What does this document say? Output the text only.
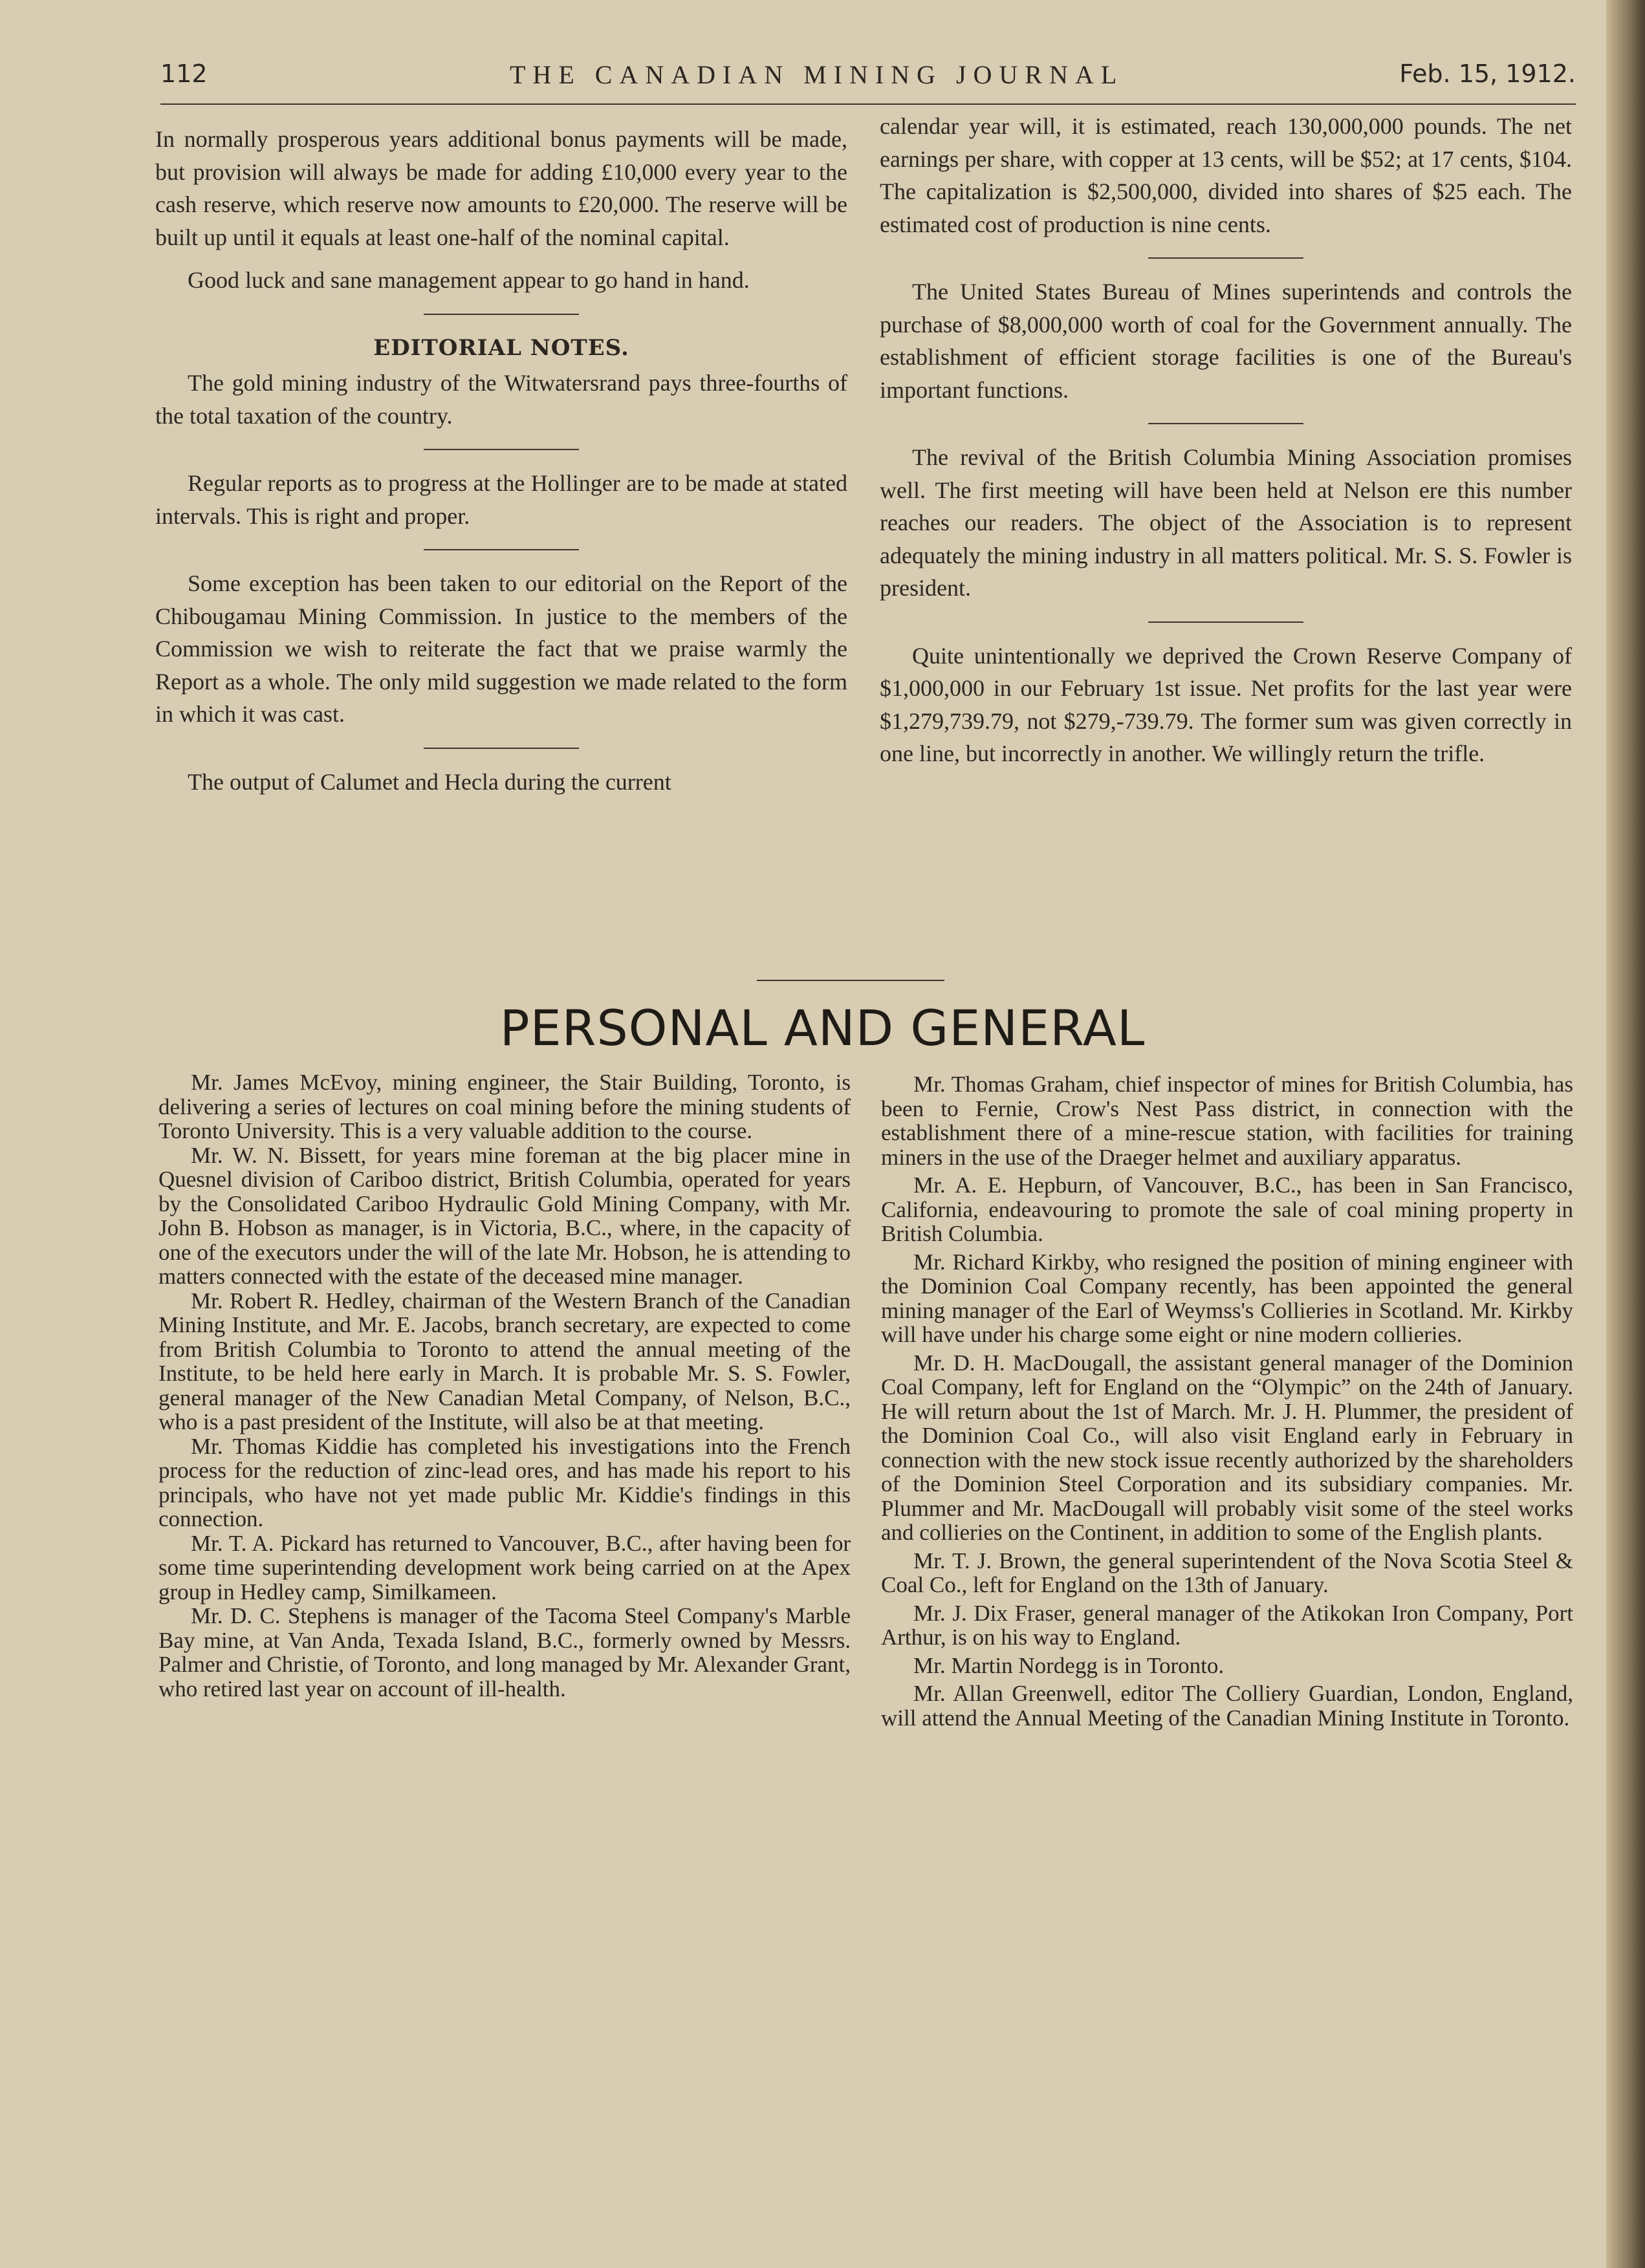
112	THE CANADIAN MINING JOURNAL	Feb. 15, 1912.

In normally prosperous years additional bonus payments will be made, but provision will always be made for adding £10,000 every year to the cash reserve, which reserve now amounts to £20,000. The reserve will be built up until it equals at least one-half of the nominal capital.

Good luck and sane management appear to go hand in hand.

EDITORIAL NOTES.

The gold mining industry of the Witwatersrand pays three-fourths of the total taxation of the country.

Regular reports as to progress at the Hollinger are to be made at stated intervals. This is right and proper.

Some exception has been taken to our editorial on the Report of the Chibougamau Mining Commission. In justice to the members of the Commission we wish to reiterate the fact that we praise warmly the Report as a whole. The only mild suggestion we made related to the form in which it was cast.

The output of Calumet and Hecla during the current

calendar year will, it is estimated, reach 130,000,000 pounds. The net earnings per share, with copper at 13 cents, will be $52; at 17 cents, $104. The capitalization is $2,500,000, divided into shares of $25 each. The estimated cost of production is nine cents.

The United States Bureau of Mines superintends and controls the purchase of $8,000,000 worth of coal for the Government annually. The establishment of efficient storage facilities is one of the Bureau's important functions.

The revival of the British Columbia Mining Association promises well. The first meeting will have been held at Nelson ere this number reaches our readers. The object of the Association is to represent adequately the mining industry in all matters political. Mr. S. S. Fowler is president.

Quite unintentionally we deprived the Crown Reserve Company of $1,000,000 in our February 1st issue. Net profits for the last year were $1,279,739.79, not $279,-739.79. The former sum was given correctly in one line, but incorrectly in another. We willingly return the trifle.

PERSONAL AND GENERAL

Mr. James McEvoy, mining engineer, the Stair Building, Toronto, is delivering a series of lectures on coal mining before the mining students of Toronto University. This is a very valuable addition to the course.

Mr. W. N. Bissett, for years mine foreman at the big placer mine in Quesnel division of Cariboo district, British Columbia, operated for years by the Consolidated Cariboo Hydraulic Gold Mining Company, with Mr. John B. Hobson as manager, is in Victoria, B.C., where, in the capacity of one of the executors under the will of the late Mr. Hobson, he is attending to matters connected with the estate of the deceased mine manager.

Mr. Robert R. Hedley, chairman of the Western Branch of the Canadian Mining Institute, and Mr. E. Jacobs, branch secretary, are expected to come from British Columbia to Toronto to attend the annual meeting of the Institute, to be held here early in March. It is probable Mr. S. S. Fowler, general manager of the New Canadian Metal Company, of Nelson, B.C., who is a past president of the Institute, will also be at that meeting.

Mr. Thomas Kiddie has completed his investigations into the French process for the reduction of zinc-lead ores, and has made his report to his principals, who have not yet made public Mr. Kiddie's findings in this connection.

Mr. T. A. Pickard has returned to Vancouver, B.C., after having been for some time superintending development work being carried on at the Apex group in Hedley camp, Similkameen.

Mr. D. C. Stephens is manager of the Tacoma Steel Company's Marble Bay mine, at Van Anda, Texada Island, B.C., formerly owned by Messrs. Palmer and Christie, of Toronto, and long managed by Mr. Alexander Grant, who retired last year on account of ill-health.

Mr. Thomas Graham, chief inspector of mines for British Columbia, has been to Fernie, Crow's Nest Pass district, in connection with the establishment there of a mine-rescue station, with facilities for training miners in the use of the Draeger helmet and auxiliary apparatus.

Mr. A. E. Hepburn, of Vancouver, B.C., has been in San Francisco, California, endeavouring to promote the sale of coal mining property in British Columbia.

Mr. Richard Kirkby, who resigned the position of mining engineer with the Dominion Coal Company recently, has been appointed the general mining manager of the Earl of Weymss's Collieries in Scotland. Mr. Kirkby will have under his charge some eight or nine modern collieries.

Mr. D. H. MacDougall, the assistant general manager of the Dominion Coal Company, left for England on the “Olympic” on the 24th of January. He will return about the 1st of March. Mr. J. H. Plummer, the president of the Dominion Coal Co., will also visit England early in February in connection with the new stock issue recently authorized by the shareholders of the Dominion Steel Corporation and its subsidiary companies. Mr. Plummer and Mr. MacDougall will probably visit some of the steel works and collieries on the Continent, in addition to some of the English plants.

Mr. T. J. Brown, the general superintendent of the Nova Scotia Steel & Coal Co., left for England on the 13th of January.

Mr. J. Dix Fraser, general manager of the Atikokan Iron Company, Port Arthur, is on his way to England.

Mr. Martin Nordegg is in Toronto.

Mr. Allan Greenwell, editor The Colliery Guardian, London, England, will attend the Annual Meeting of the Canadian Mining Institute in Toronto.
